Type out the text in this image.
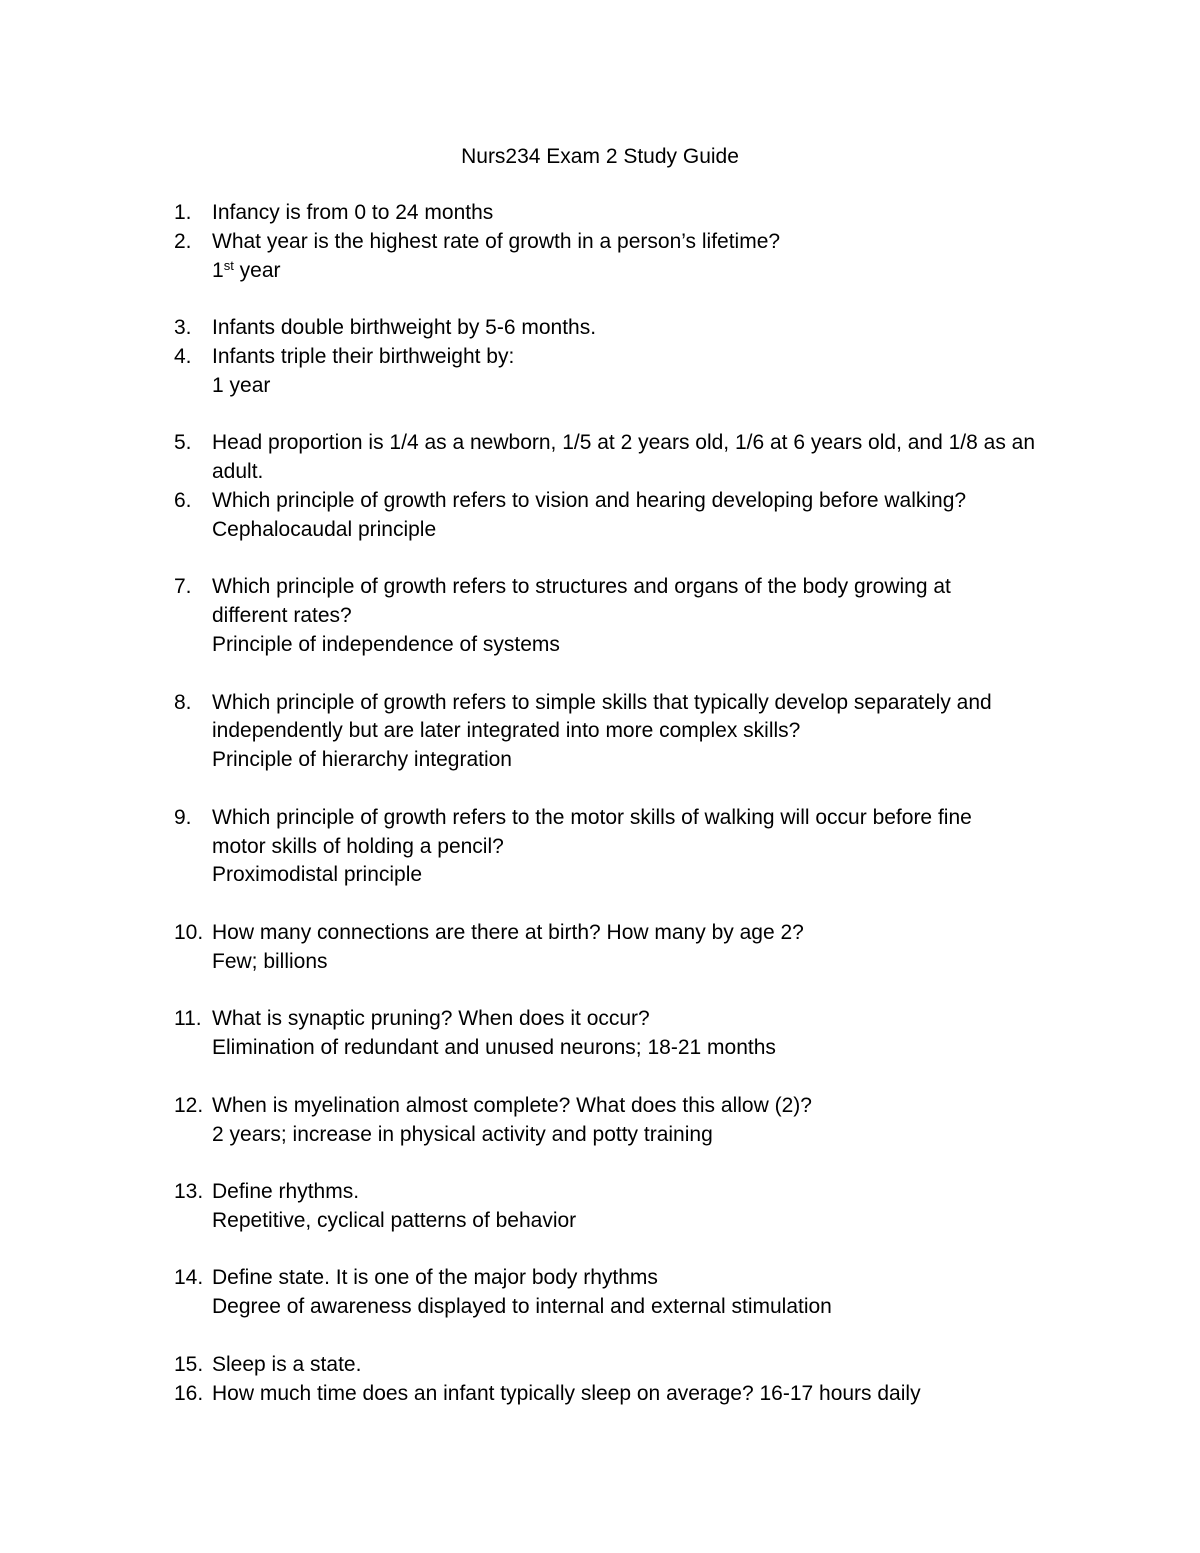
Nurs234 Exam 2 Study Guide
1. Infancy is from 0 to 24 months
2. What year is the highest rate of growth in a person’s lifetime?
1st year
3. Infants double birthweight by 5-6 months.
4. Infants triple their birthweight by:
1 year
5. Head proportion is 1/4 as a newborn, 1/5 at 2 years old, 1/6 at 6 years old, and 1/8 as an
adult.
6. Which principle of growth refers to vision and hearing developing before walking?
Cephalocaudal principle
7. Which principle of growth refers to structures and organs of the body growing at
different rates?
Principle of independence of systems
8. Which principle of growth refers to simple skills that typically develop separately and
independently but are later integrated into more complex skills?
Principle of hierarchy integration
9. Which principle of growth refers to the motor skills of walking will occur before fine
motor skills of holding a pencil?
Proximodistal principle
10. How many connections are there at birth? How many by age 2?
Few; billions
11. What is synaptic pruning? When does it occur?
Elimination of redundant and unused neurons; 18-21 months
12. When is myelination almost complete? What does this allow (2)?
2 years; increase in physical activity and potty training
13. Define rhythms.
Repetitive, cyclical patterns of behavior
14. Define state. It is one of the major body rhythms
Degree of awareness displayed to internal and external stimulation
15. Sleep is a state.
16. How much time does an infant typically sleep on average? 16-17 hours daily
